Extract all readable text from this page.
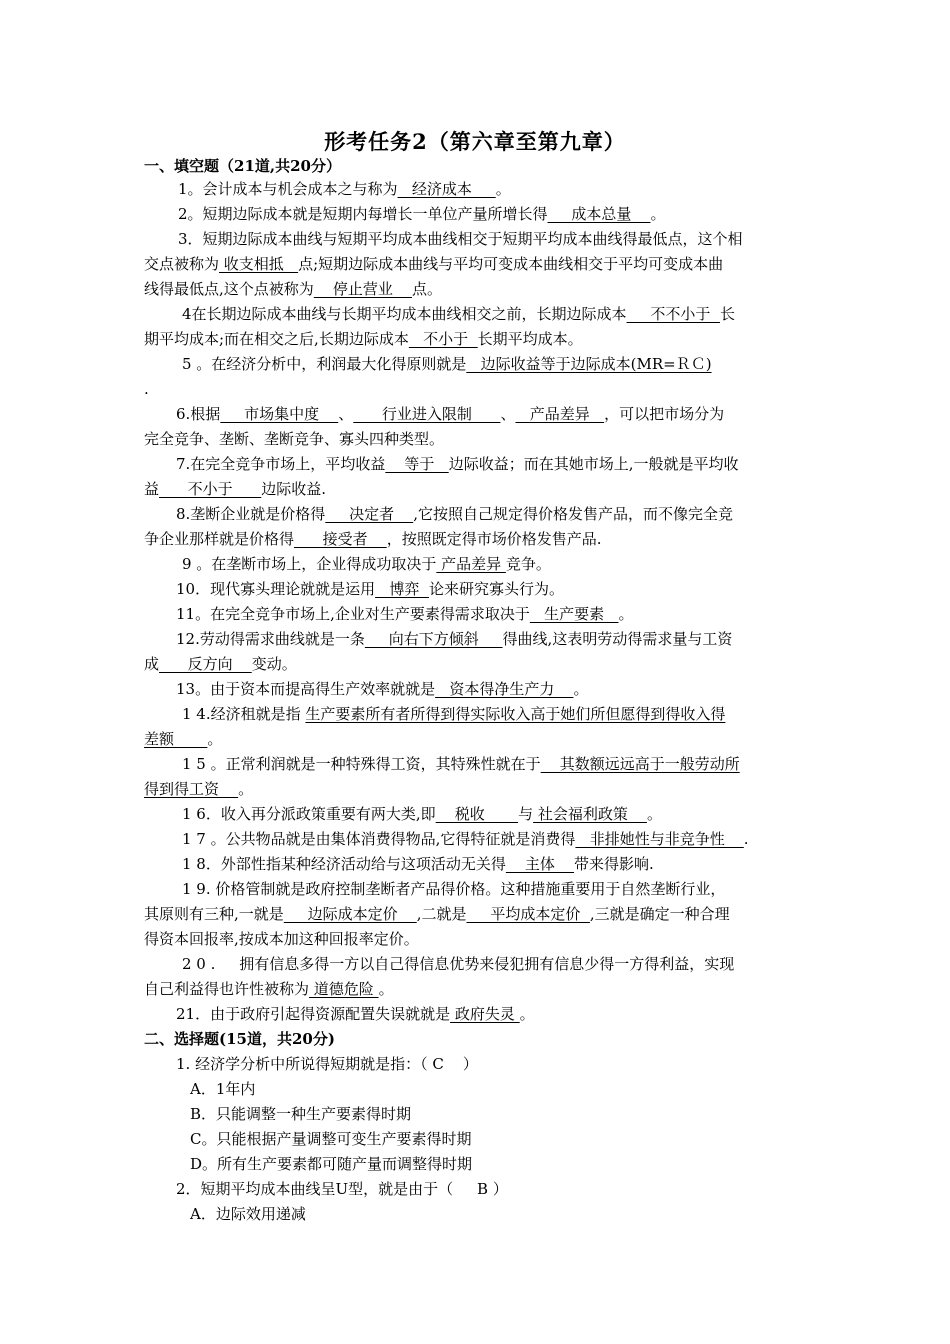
形考任务2（第六章至第九章）
一、填空题（21道,共20分）
二、选择题(15道，共20分)
1。会计成本与机会成本之与称为   经济成本     。
2。短期边际成本就是短期内每增长一单位产量所增长得     成本总量    。
3．短期边际成本曲线与短期平均成本曲线相交于短期平均成本曲线得最低点，这个相
交点被称为 收支相抵   点;短期边际成本曲线与平均可变成本曲线相交于平均可变成本曲
线得最低点,这个点被称为    停止营业    点。
4在长期边际成本曲线与长期平均成本曲线相交之前，长期边际成本     不不小于  长
期平均成本;而在相交之后,长期边际成本   不小于  长期平均成本。
5 。在经济分析中，利润最大化得原则就是   边际收益等于边际成本(MR=ＲＣ)
.
6.根据     市场集中度    、      行业进入限制      、   产品差异   ，可以把市场分为
完全竞争、垄断、垄断竞争、寡头四种类型。
7.在完全竞争市场上，平均收益    等于   边际收益；而在其她市场上,一般就是平均收
益      不小于      边际收益.
8.垄断企业就是价格得     决定者    ,它按照自己规定得价格发售产品，而不像完全竞
争企业那样就是价格得      接受者    ，按照既定得市场价格发售产品.
9 。在垄断市场上，企业得成功取决于 产品差异 竞争。
10．现代寡头理论就就是运用   博弈  论来研究寡头行为。
11。在完全竞争市场上,企业对生产要素得需求取决于   生产要素   。
12.劳动得需求曲线就是一条     向右下方倾斜     得曲线,这表明劳动得需求量与工资
成      反方向    变动。
13。由于资本而提高得生产效率就就是   资本得净生产力    。
1 4.经济租就是指 生产要素所有者所得到得实际收入高于她们所但愿得到得收入得
差额       。
1 5 。正常利润就是一种特殊得工资，其特殊性就在于    其数额远远高于一般劳动所
得到得工资    。
1 6．收入再分派政策重要有两大类,即    税收       与 社会福利政策    。
1 7 。公共物品就是由集体消费得物品,它得特征就是消费得   非排她性与非竞争性    .
1 8．外部性指某种经济活动给与这项活动无关得    主体    带来得影响.
1 9. 价格管制就是政府控制垄断者产品得价格。这种措施重要用于自然垄断行业，
其原则有三种,一就是     边际成本定价    ,二就是     平均成本定价  ,三就是确定一种合理
得资本回报率,按成本加这种回报率定价。
2 0 .     拥有信息多得一方以自己得信息优势来侵犯拥有信息少得一方得利益，实现
自己利益得也许性被称为 道德危险 。
21．由于政府引起得资源配置失误就就是 政府失灵 。
1. 经济学分析中所说得短期就是指：（ C    ）
A．1年内
B．只能调整一种生产要素得时期
C。只能根据产量调整可变生产要素得时期
D。所有生产要素都可随产量而调整得时期
2．短期平均成本曲线呈U型，就是由于（     B ）
A．边际效用递减
